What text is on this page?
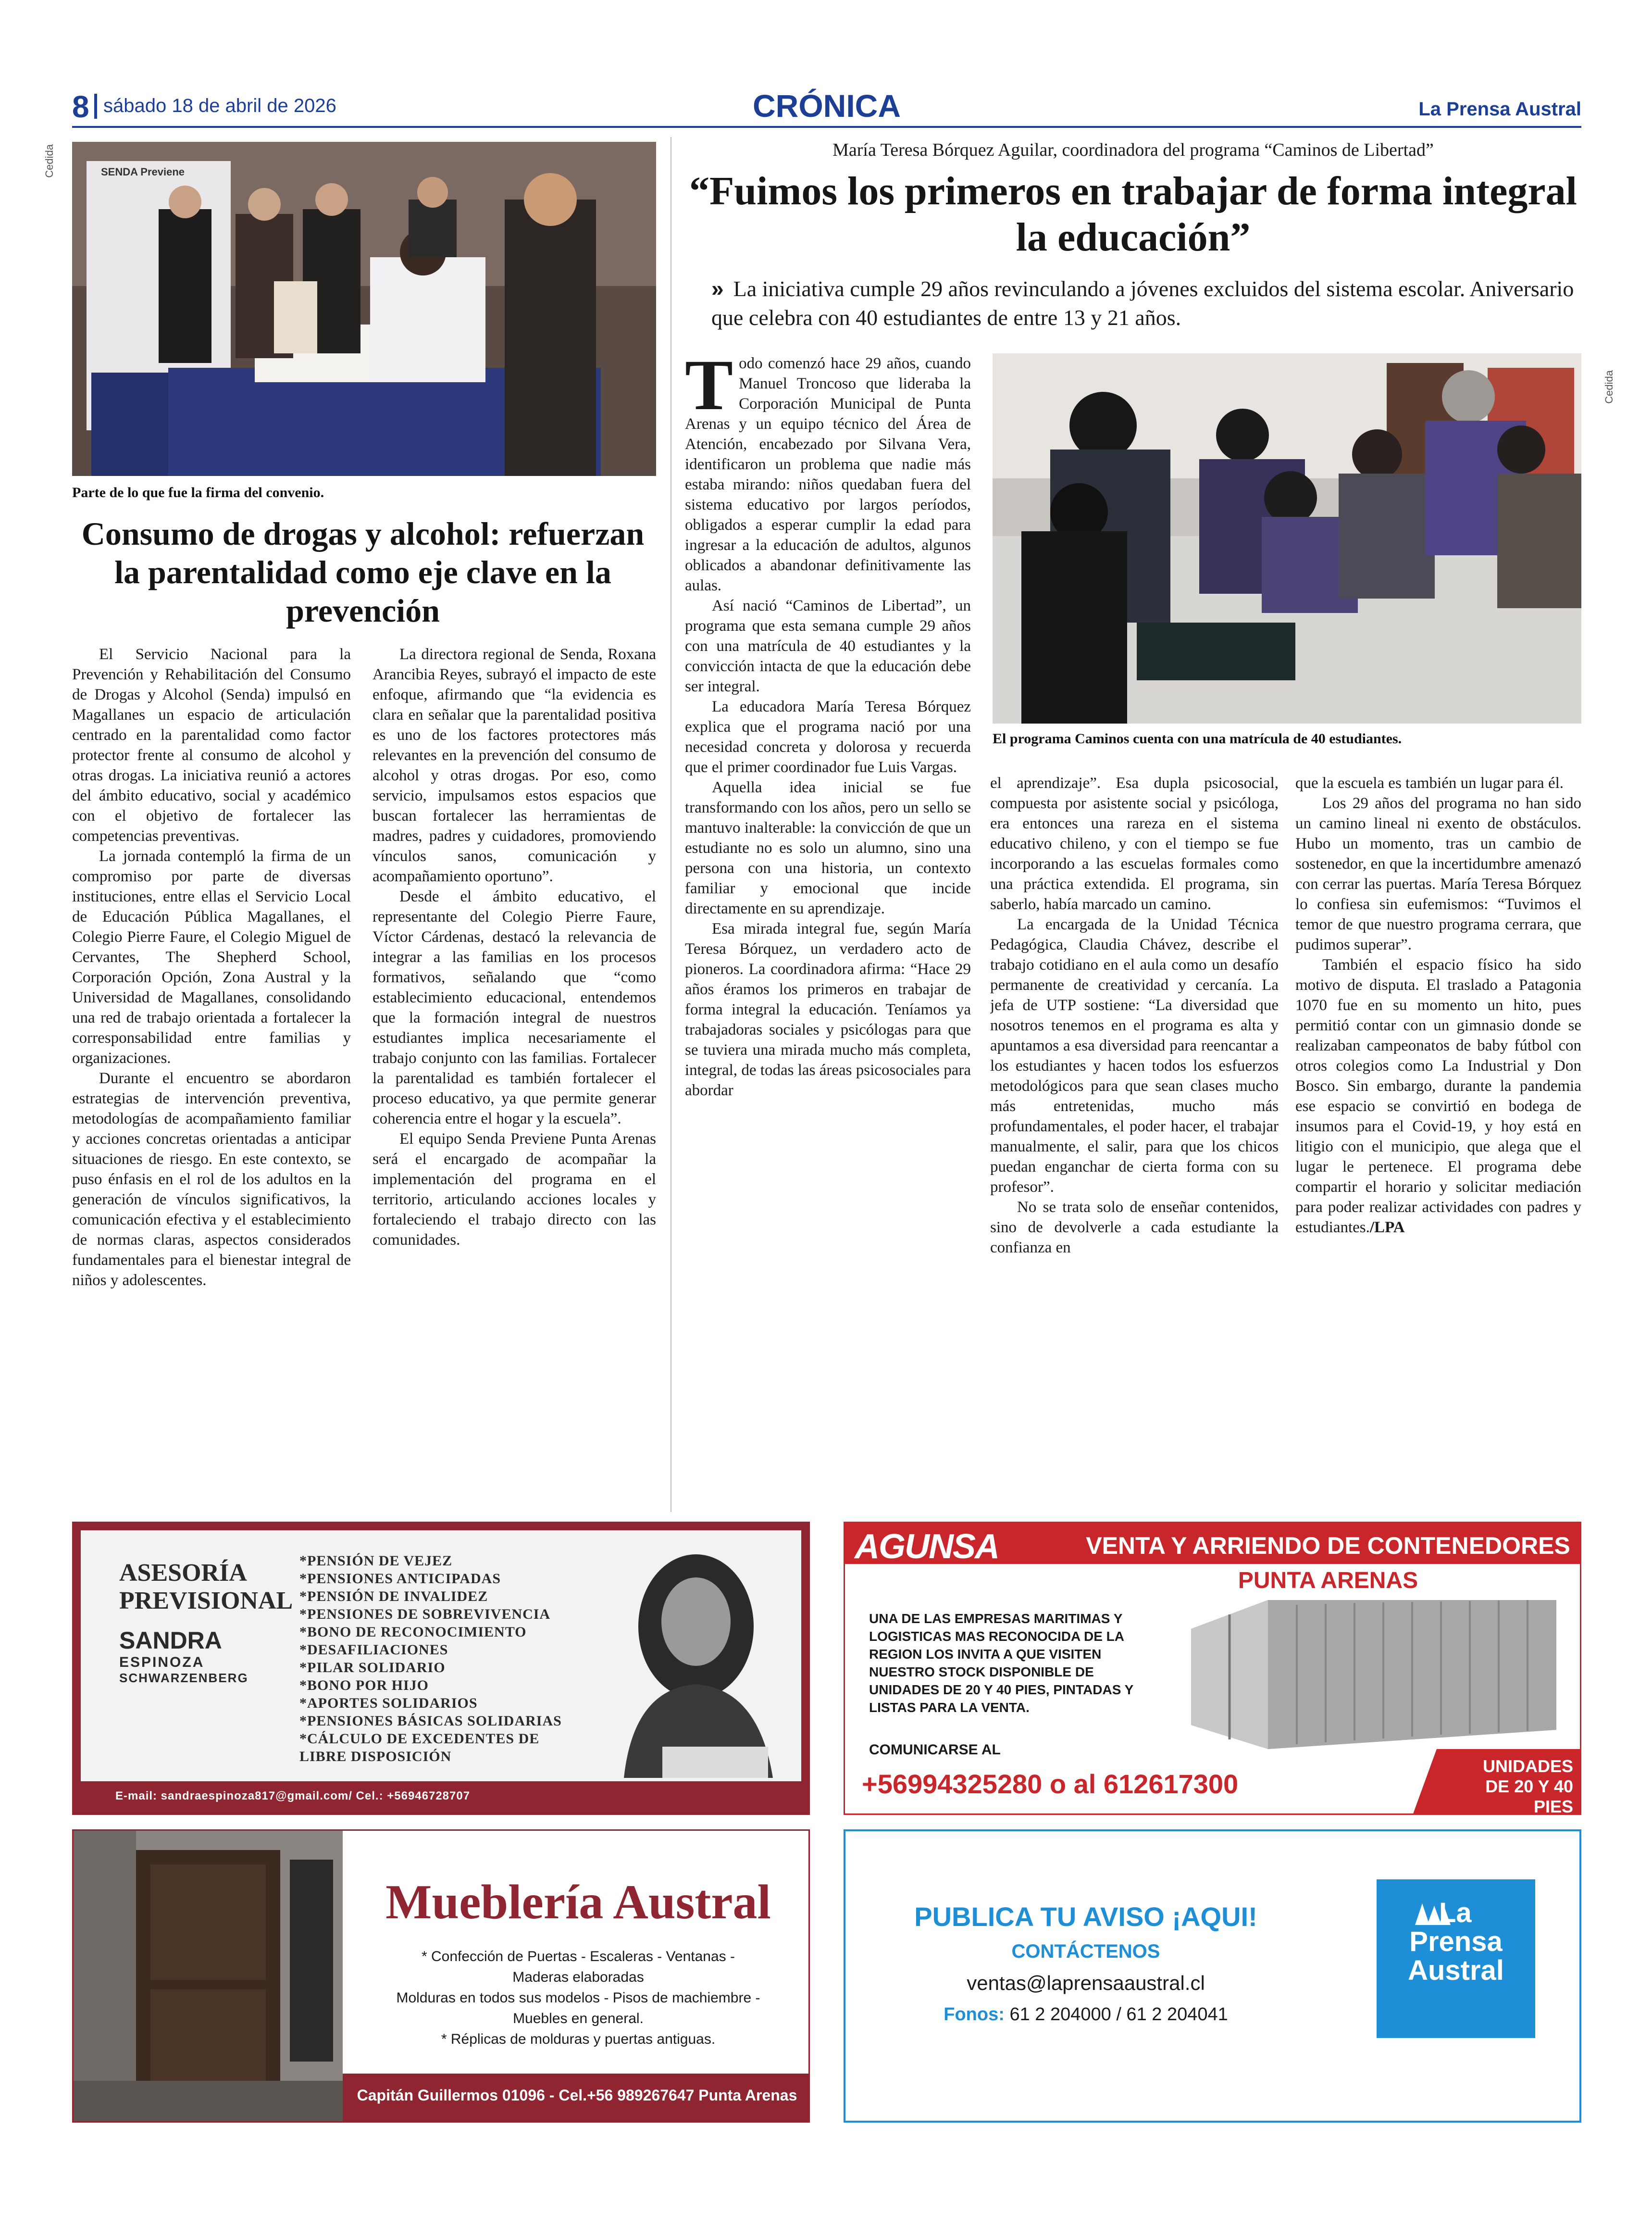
8 sábado 18 de abril de 2026	CRÓNICA	La Prensa Austral
Cedida	SENDA Previene
Parte de lo que fue la firma del convenio.
Consumo de drogas y alcohol: refuerzan la parentalidad como eje clave en la prevención

El Servicio Nacional para la Prevención y Rehabilitación del Consumo de Drogas y Alcohol (Senda) impulsó en Magallanes un espacio de articulación centrado en la parentalidad como factor protector frente al consumo de alcohol y otras drogas. La iniciativa reunió a actores del ámbito educativo, social y académico con el objetivo de fortalecer las competencias preventivas.

La jornada contempló la firma de un compromiso por parte de diversas instituciones, entre ellas el Servicio Local de Educación Pública Magallanes, el Colegio Pierre Faure, el Colegio Miguel de Cervantes, The Shepherd School, Corporación Opción, Zona Austral y la Universidad de Magallanes, consolidando una red de trabajo orientada a fortalecer la corresponsabilidad entre familias y organizaciones.

Durante el encuentro se abordaron estrategias de intervención preventiva, metodologías de acompañamiento familiar y acciones concretas orientadas a anticipar situaciones de riesgo. En este contexto, se puso énfasis en el rol de los adultos en la generación de vínculos significativos, la comunicación efectiva y el establecimiento de normas claras, aspectos considerados fundamentales para el bienestar integral de niños y adolescentes.

La directora regional de Senda, Roxana Arancibia Reyes, subrayó el impacto de este enfoque, afirmando que “la evidencia es clara en señalar que la parentalidad positiva es uno de los factores protectores más relevantes en la prevención del consumo de alcohol y otras drogas. Por eso, como servicio, impulsamos estos espacios que buscan fortalecer las herramientas de madres, padres y cuidadores, promoviendo vínculos sanos, comunicación y acompañamiento oportuno”.

Desde el ámbito educativo, el representante del Colegio Pierre Faure, Víctor Cárdenas, destacó la relevancia de integrar a las familias en los procesos formativos, señalando que “como establecimiento educacional, entendemos que la formación integral de nuestros estudiantes implica necesariamente el trabajo conjunto con las familias. Fortalecer la parentalidad es también fortalecer el proceso educativo, ya que permite generar coherencia entre el hogar y la escuela”.

El equipo Senda Previene Punta Arenas será el encargado de acompañar la implementación del programa en el territorio, articulando acciones locales y fortaleciendo el trabajo directo con las comunidades.

María Teresa Bórquez Aguilar, coordinadora del programa “Caminos de Libertad”
“Fuimos los primeros en trabajar de forma integral la educación”
» La iniciativa cumple 29 años revinculando a jóvenes excluidos del sistema escolar. Aniversario que celebra con 40 estudiantes de entre 13 y 21 años.

Todo comenzó hace 29 años, cuando Manuel Troncoso que lideraba la Corporación Municipal de Punta Arenas y un equipo técnico del Área de Atención, encabezado por Silvana Vera, identificaron un problema que nadie más estaba mirando: niños quedaban fuera del sistema educativo por largos períodos, obligados a esperar cumplir la edad para ingresar a la educación de adultos, algunos oblicados a abandonar definitivamente las aulas.

Así nació “Caminos de Libertad”, un programa que esta semana cumple 29 años con una matrícula de 40 estudiantes y la convicción intacta de que la educación debe ser integral.

La educadora María Teresa Bórquez explica que el programa nació por una necesidad concreta y dolorosa y recuerda que el primer coordinador fue Luis Vargas.

Aquella idea inicial se fue transformando con los años, pero un sello se mantuvo inalterable: la convicción de que un estudiante no es solo un alumno, sino una persona con una historia, un contexto familiar y emocional que incide directamente en su aprendizaje.

Esa mirada integral fue, según María Teresa Bórquez, un verdadero acto de pioneros. La coordinadora afirma: “Hace 29 años éramos los primeros en trabajar de forma integral la educación. Teníamos ya trabajadoras sociales y psicólogas para que se tuviera una mirada mucho más completa, integral, de todas las áreas psicosociales para abordar

Cedida
El programa Caminos cuenta con una matrícula de 40 estudiantes.

el aprendizaje”. Esa dupla psicosocial, compuesta por asistente social y psicóloga, era entonces una rareza en el sistema educativo chileno, y con el tiempo se fue incorporando a las escuelas formales como una práctica extendida. El programa, sin saberlo, había marcado un camino.

La encargada de la Unidad Técnica Pedagógica, Claudia Chávez, describe el trabajo cotidiano en el aula como un desafío permanente de creatividad y cercanía. La jefa de UTP sostiene: “La diversidad que nosotros tenemos en el programa es alta y apuntamos a esa diversidad para reencantar a los estudiantes y hacen todos los esfuerzos metodológicos para que sean clases mucho más entretenidas, mucho más profundamentales, el poder hacer, el trabajar manualmente, el salir, para que los chicos puedan enganchar de cierta forma con su profesor”.

No se trata solo de enseñar contenidos, sino de devolverle a cada estudiante la confianza en

que la escuela es también un lugar para él.

Los 29 años del programa no han sido un camino lineal ni exento de obstáculos. Hubo un momento, tras un cambio de sostenedor, en que la incertidumbre amenazó con cerrar las puertas. María Teresa Bórquez lo confiesa sin eufemismos: “Tuvimos el temor de que nuestro programa cerrara, que pudimos superar”.

También el espacio físico ha sido motivo de disputa. El traslado a Patagonia 1070 fue en su momento un hito, pues permitió contar con un gimnasio donde se realizaban campeonatos de baby fútbol con otros colegios como La Industrial y Don Bosco. Sin embargo, durante la pandemia ese espacio se convirtió en bodega de insumos para el Covid-19, y hoy está en litigio con el municipio, que alega que el lugar le pertenece. El programa debe compartir el horario y solicitar mediación para poder realizar actividades con padres y estudiantes./LPA

ASESORÍA
PREVISIONAL
SANDRA
ESPINOZA
SCHWARZENBERG
*PENSIÓN DE VEJEZ
*PENSIONES ANTICIPADAS
*PENSIÓN DE INVALIDEZ
*PENSIONES DE SOBREVIVENCIA
*BONO DE RECONOCIMIENTO
*DESAFILIACIONES
*PILAR SOLIDARIO
*BONO POR HIJO
*APORTES SOLIDARIOS
*PENSIONES BÁSICAS SOLIDARIAS
*CÁLCULO DE EXCEDENTES DE LIBRE DISPOSICIÓN
E-mail: sandraespinoza817@gmail.com/ Cel.: +56946728707
AGUNSA	VENTA Y ARRIENDO DE CONTENEDORES
PUNTA ARENAS
UNA DE LAS EMPRESAS MARITIMAS Y LOGISTICAS MAS RECONOCIDA DE LA REGION LOS INVITA A QUE VISITEN NUESTRO STOCK DISPONIBLE DE UNIDADES DE 20 Y 40 PIES, PINTADAS Y LISTAS PARA LA VENTA.
COMUNICARSE AL
+56994325280 o al 612617300
UNIDADES
DE 20 Y 40 PIES
Mueblería Austral
* Confección de Puertas - Escaleras - Ventanas -
Maderas elaboradas
Molduras en todos sus modelos - Pisos de machiembre -
Muebles en general.
* Réplicas de molduras y puertas antiguas.
Capitán Guillermos 01096 - Cel.+56 989267647 Punta Arenas
PUBLICA TU AVISO ¡AQUI!
CONTÁCTENOS
ventas@laprensaaustral.cl
Fonos: 61 2 204000 / 61 2 204041
La
Prensa
Austral
